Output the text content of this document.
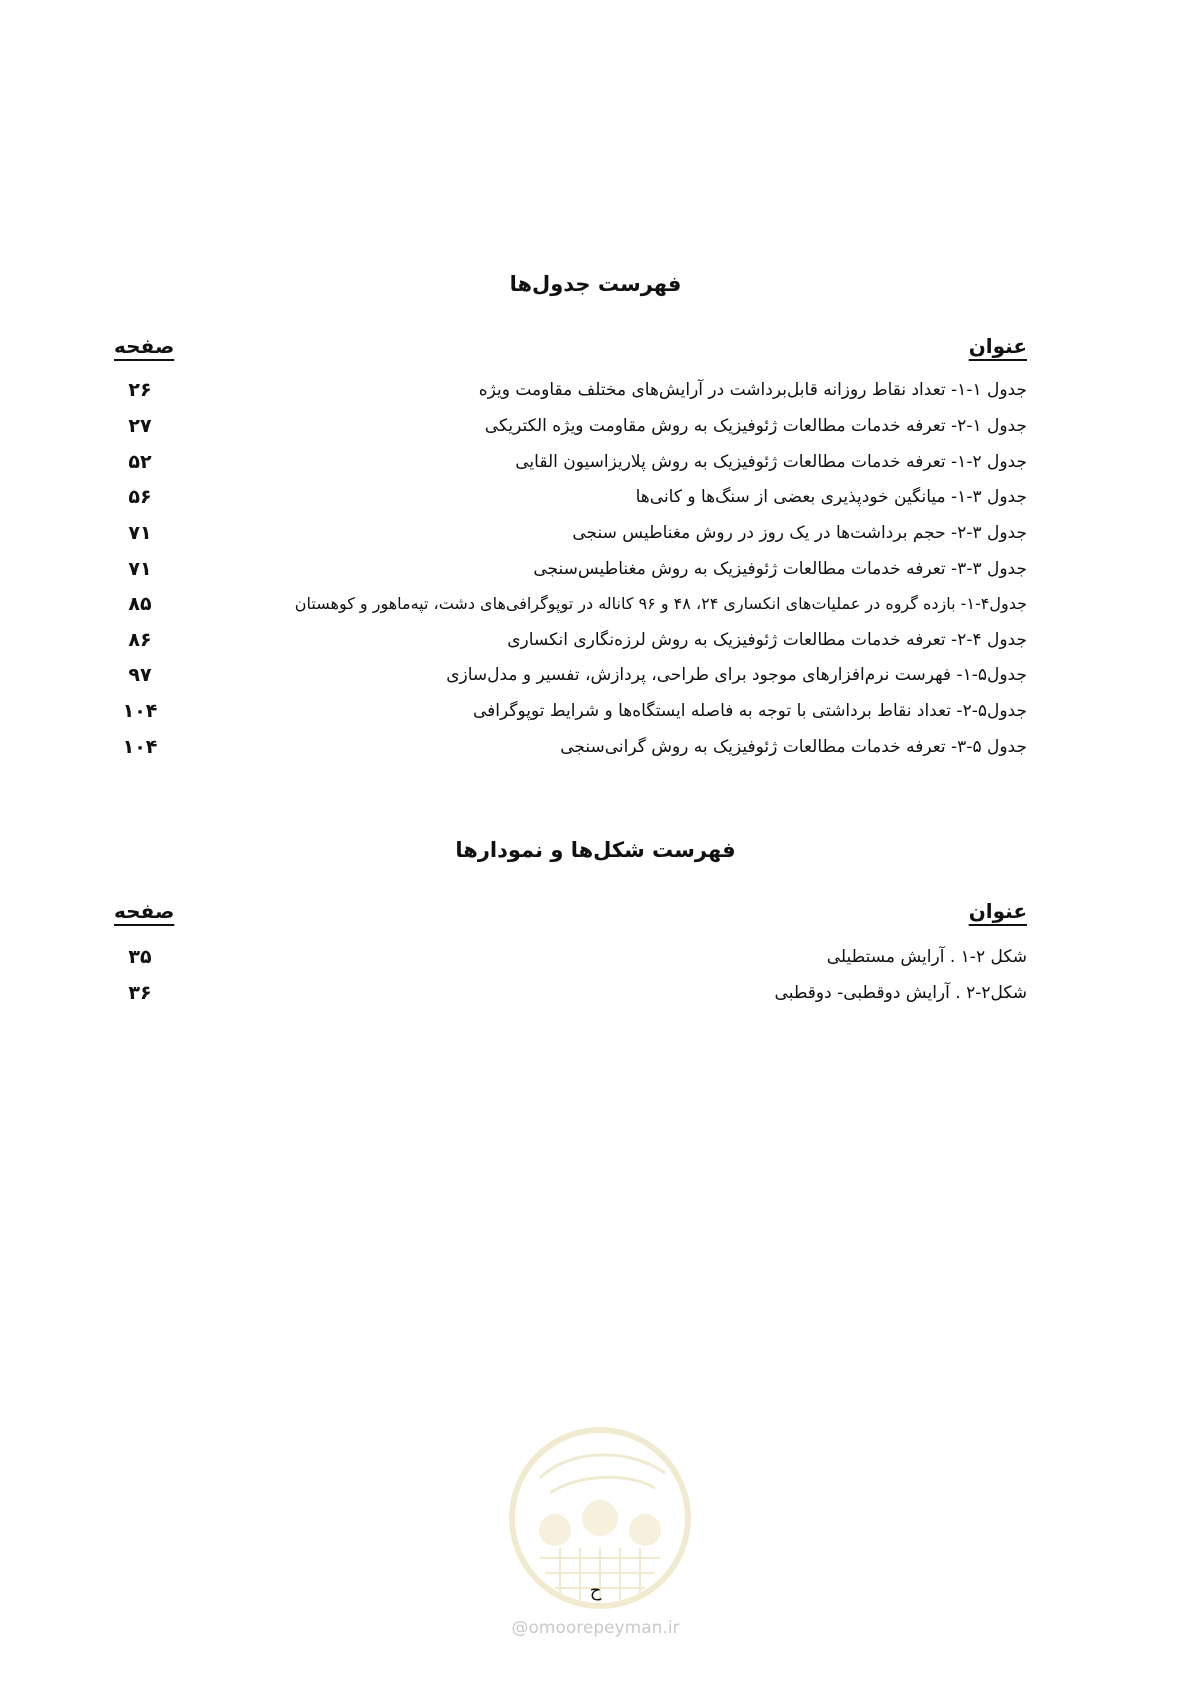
فهرست جدول‌ها
عنوان
صفحه
جدول ۱-۱- تعداد نقاط روزانه قابل‌برداشت در آرایش‌های مختلف مقاومت ویژه
۲۶
جدول ۱-۲- تعرفه خدمات مطالعات ژئوفیزیک به روش مقاومت ویژه الکتریکی
۲۷
جدول ۲-۱- تعرفه خدمات مطالعات ژئوفیزیک به روش پلاریزاسیون القایی
۵۲
جدول ۳-۱- میانگین خودپذیری بعضی از سنگ‌ها و کانی‌ها
۵۶
جدول ۳-۲- حجم برداشت‌ها در یک روز در روش مغناطیس سنجی
۷۱
جدول ۳-۳- تعرفه خدمات مطالعات ژئوفیزیک به روش مغناطیس‌سنجی
۷۱
جدول۴-۱- بازده گروه در عملیات‌های انکساری ۲۴، ۴۸ و ۹۶ کاناله در توپوگرافی‌های دشت، تپه‌ماهور و کوهستان
۸۵
جدول ۴-۲- تعرفه خدمات مطالعات ژئوفیزیک به روش لرزه‌نگاری انکساری
۸۶
جدول۵-۱- فهرست نرم‌افزارهای موجود برای طراحی، پردازش، تفسیر و مدل‌سازی
۹۷
جدول۵-۲- تعداد نقاط برداشتی با توجه به فاصله ایستگاه‌ها و شرایط توپوگرافی
۱۰۴
جدول ۵-۳- تعرفه خدمات مطالعات ژئوفیزیک به روش گرانی‌سنجی
۱۰۴
فهرست شکل‌ها و نمودارها
عنوان
صفحه
شکل ۲-۱ . آرایش مستطیلی
۳۵
شکل۲-۲ . آرایش دوقطبی- دوقطبی
۳۶
ح
@omoorepeyman.ir
